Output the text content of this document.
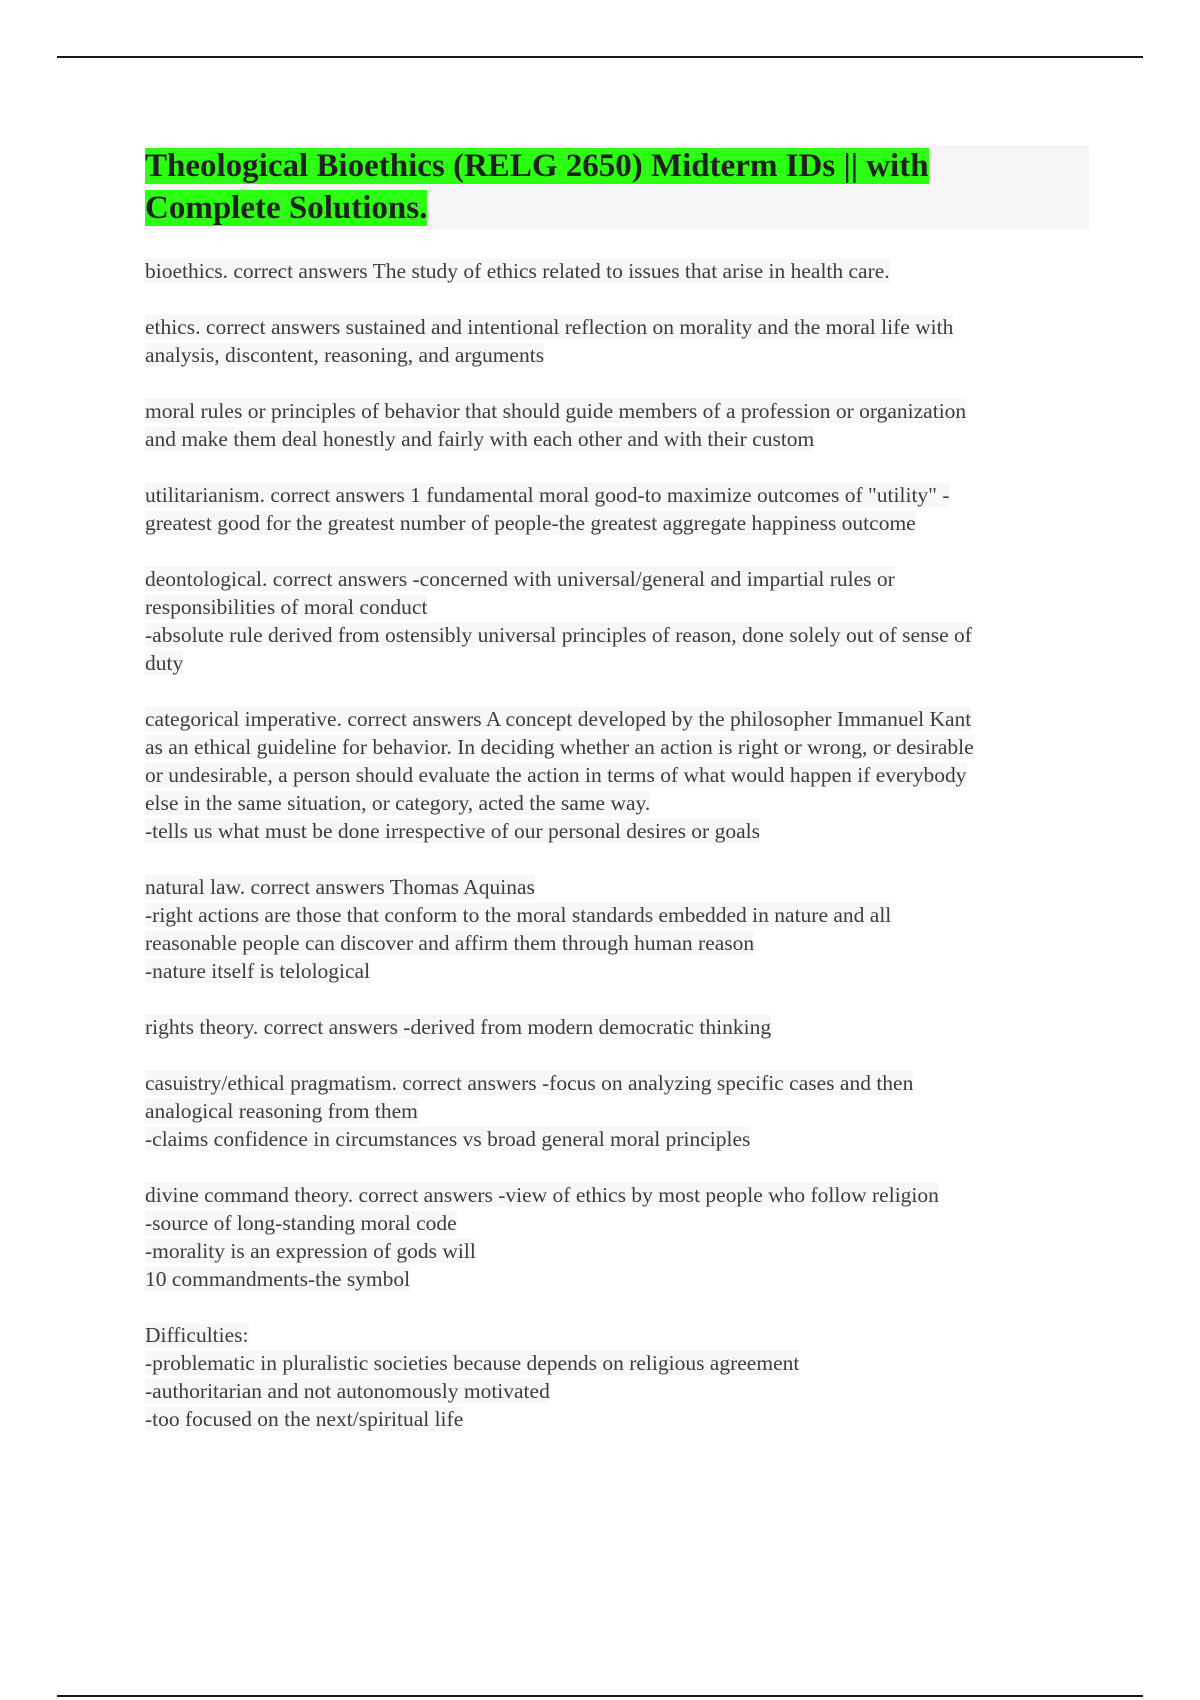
Theological Bioethics (RELG 2650) Midterm IDs || with
Complete Solutions.
bioethics. correct answers The study of ethics related to issues that arise in health care.
ethics. correct answers sustained and intentional reflection on morality and the moral life with
analysis, discontent, reasoning, and arguments
moral rules or principles of behavior that should guide members of a profession or organization
and make them deal honestly and fairly with each other and with their custom
utilitarianism. correct answers 1 fundamental moral good-to maximize outcomes of "utility" -
greatest good for the greatest number of people-the greatest aggregate happiness outcome
deontological. correct answers -concerned with universal/general and impartial rules or
responsibilities of moral conduct
-absolute rule derived from ostensibly universal principles of reason, done solely out of sense of
duty
categorical imperative. correct answers A concept developed by the philosopher Immanuel Kant
as an ethical guideline for behavior. In deciding whether an action is right or wrong, or desirable
or undesirable, a person should evaluate the action in terms of what would happen if everybody
else in the same situation, or category, acted the same way.
-tells us what must be done irrespective of our personal desires or goals
natural law. correct answers Thomas Aquinas
-right actions are those that conform to the moral standards embedded in nature and all
reasonable people can discover and affirm them through human reason
-nature itself is telological
rights theory. correct answers -derived from modern democratic thinking
casuistry/ethical pragmatism. correct answers -focus on analyzing specific cases and then
analogical reasoning from them
-claims confidence in circumstances vs broad general moral principles
divine command theory. correct answers -view of ethics by most people who follow religion
-source of long-standing moral code
-morality is an expression of gods will
10 commandments-the symbol
Difficulties:
-problematic in pluralistic societies because depends on religious agreement
-authoritarian and not autonomously motivated
-too focused on the next/spiritual life
